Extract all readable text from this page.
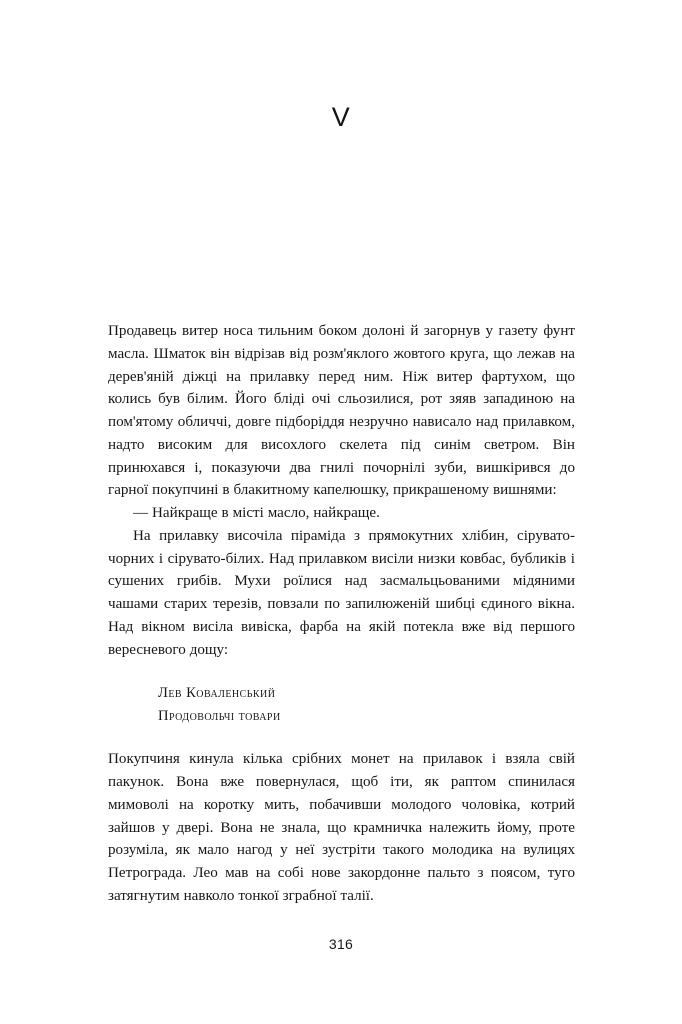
V

Продавець витер носа тильним боком долоні й загорнув у газету фунт масла. Шматок він відрізав від розм'яклого жовтого круга, що лежав на дерев'яній діжці на прилавку перед ним. Ніж витер фартухом, що колись був білим. Його бліді очі сльозилися, рот зяяв западиною на пом'ятому обличчі, довге підборіддя незручно нависало над прилавком, надто високим для висохлого скелета під синім светром. Він принюхався і, показуючи два гнилі почорнілі зуби, вишкірився до гарної покупчині в блакитному капелюшку, прикрашеному вишнями:

— Найкраще в місті масло, найкраще.

На прилавку височіла піраміда з прямокутних хлібин, сірувато-чорних і сірувато-білих. Над прилавком висіли низки ковбас, бубликів і сушених грибів. Мухи роїлися над засмальцьованими мідяними чашами старих терезів, повзали по запилюженій шибці єдиного вікна. Над вікном висіла вивіска, фарба на якій потекла вже від першого вересневого дощу:

Лев Коваленський
Продовольчі товари

Покупчиня кинула кілька срібних монет на прилавок і взяла свій пакунок. Вона вже повернулася, щоб іти, як раптом спинилася мимоволі на коротку мить, побачивши молодого чоловіка, котрий зайшов у двері. Вона не знала, що крамничка належить йому, проте розуміла, як мало нагод у неї зустріти такого молодика на вулицях Петрограда. Лео мав на собі нове закордонне пальто з поясом, туго затягнутим навколо тонкої зграбної талії.

316
